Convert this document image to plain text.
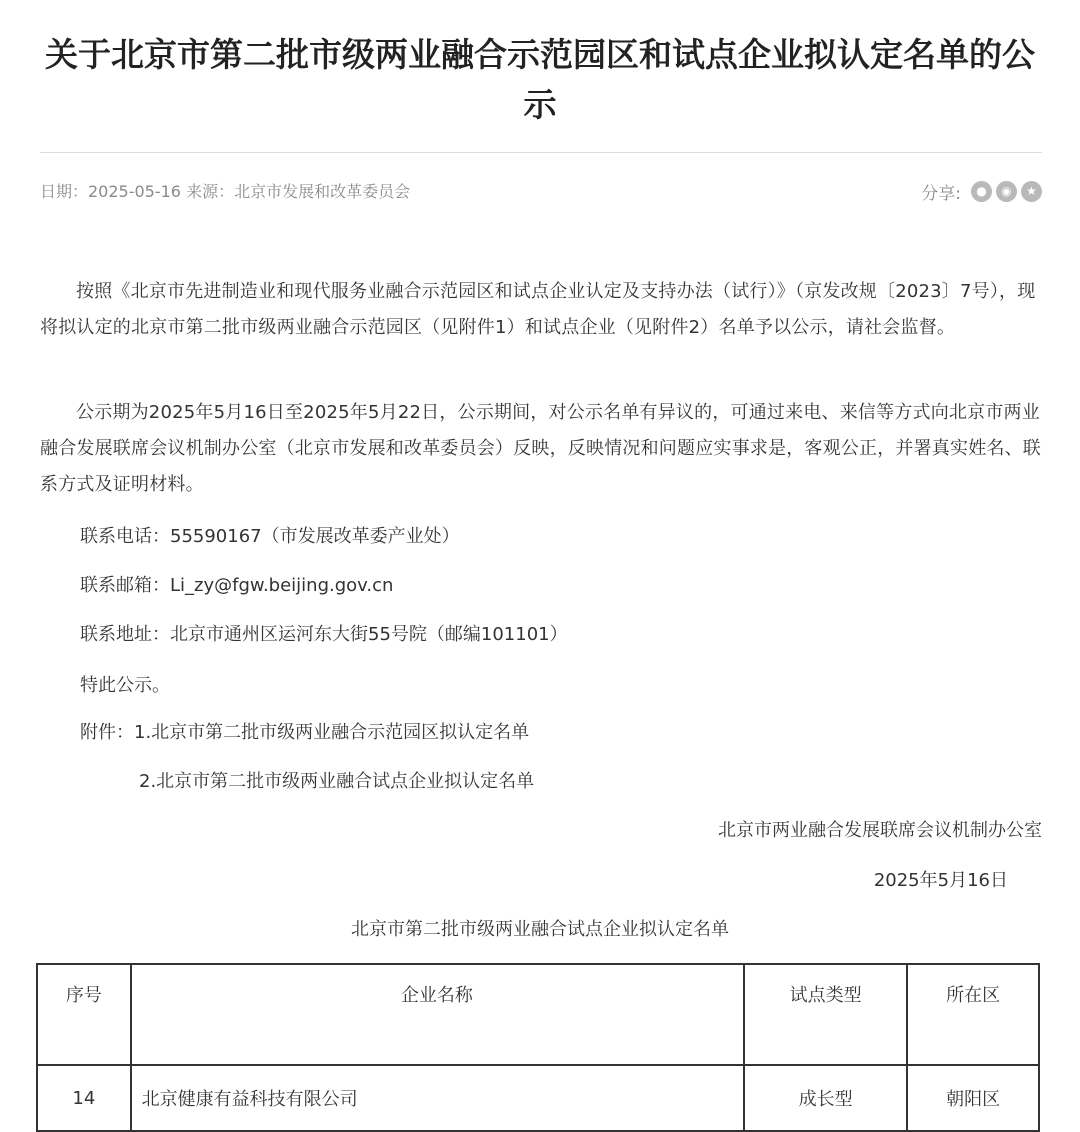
关于北京市第二批市级两业融合示范园区和试点企业拟认定名单的公示
日期：2025-05-16 来源：北京市发展和改革委员会	分享:	●	◉	★

按照《北京市先进制造业和现代服务业融合示范园区和试点企业认定及支持办法（试行）》（京发改规〔2023〕7号），现将拟认定的北京市第二批市级两业融合示范园区（见附件1）和试点企业（见附件2）名单予以公示，请社会监督。

公示期为2025年5月16日至2025年5月22日，公示期间，对公示名单有异议的，可通过来电、来信等方式向北京市两业融合发展联席会议机制办公室（北京市发展和改革委员会）反映，反映情况和问题应实事求是，客观公正，并署真实姓名、联系方式及证明材料。

联系电话：55590167（市发展改革委产业处）
联系邮箱：Li_zy@fgw.beijing.gov.cn
联系地址：北京市通州区运河东大街55号院（邮编101101）
特此公示。
附件：1.北京市第二批市级两业融合示范园区拟认定名单
2.北京市第二批市级两业融合试点企业拟认定名单
北京市两业融合发展联席会议机制办公室
2025年5月16日
北京市第二批市级两业融合试点企业拟认定名单
序号	企业名称	试点类型	所在区
14	北京健康有益科技有限公司	成长型	朝阳区
